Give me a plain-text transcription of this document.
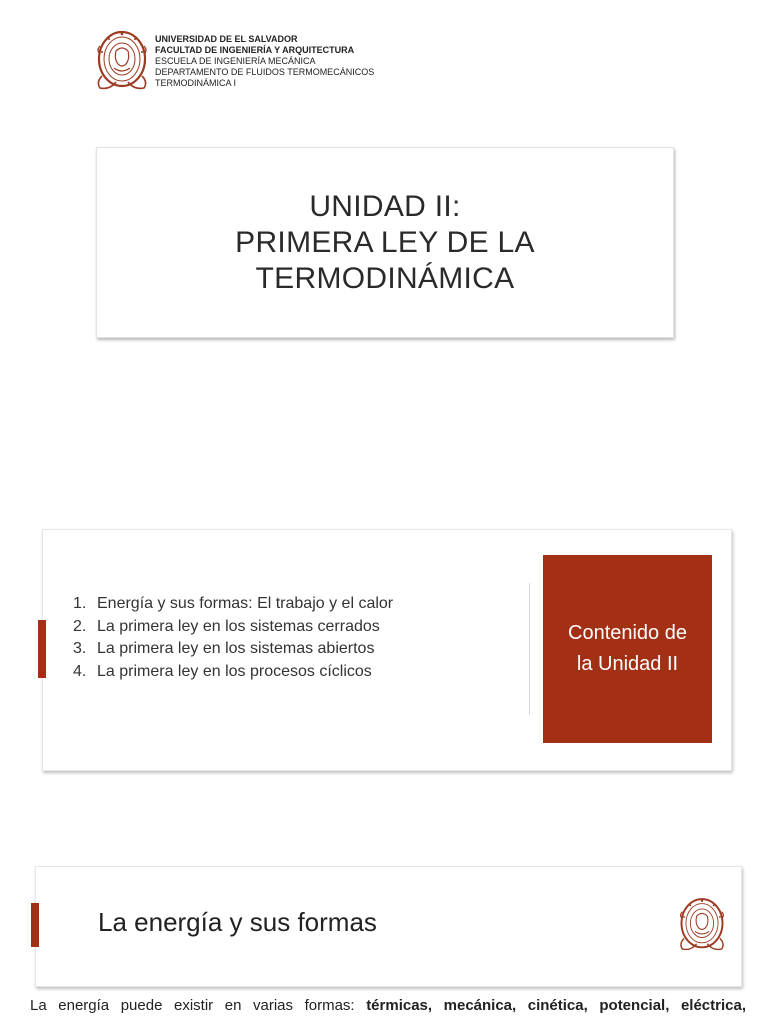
UNIVERSIDAD DE EL SALVADOR
FACULTAD DE INGENIERÍA Y ARQUITECTURA
ESCUELA DE INGENIERÍA MECÁNICA
DEPARTAMENTO DE FLUIDOS TERMOMECÁNICOS
TERMODINÁMICA I
UNIDAD II:
PRIMERA LEY DE LA
TERMODINÁMICA
1. Energía y sus formas: El trabajo y el calor
2. La primera ley en los sistemas cerrados
3. La primera ley en los sistemas abiertos
4. La primera ley en los procesos cíclicos
Contenido de
la Unidad II
La energía y sus formas
La energía puede existir en varias formas: térmicas, mecánica, cinética, potencial, eléctrica,
